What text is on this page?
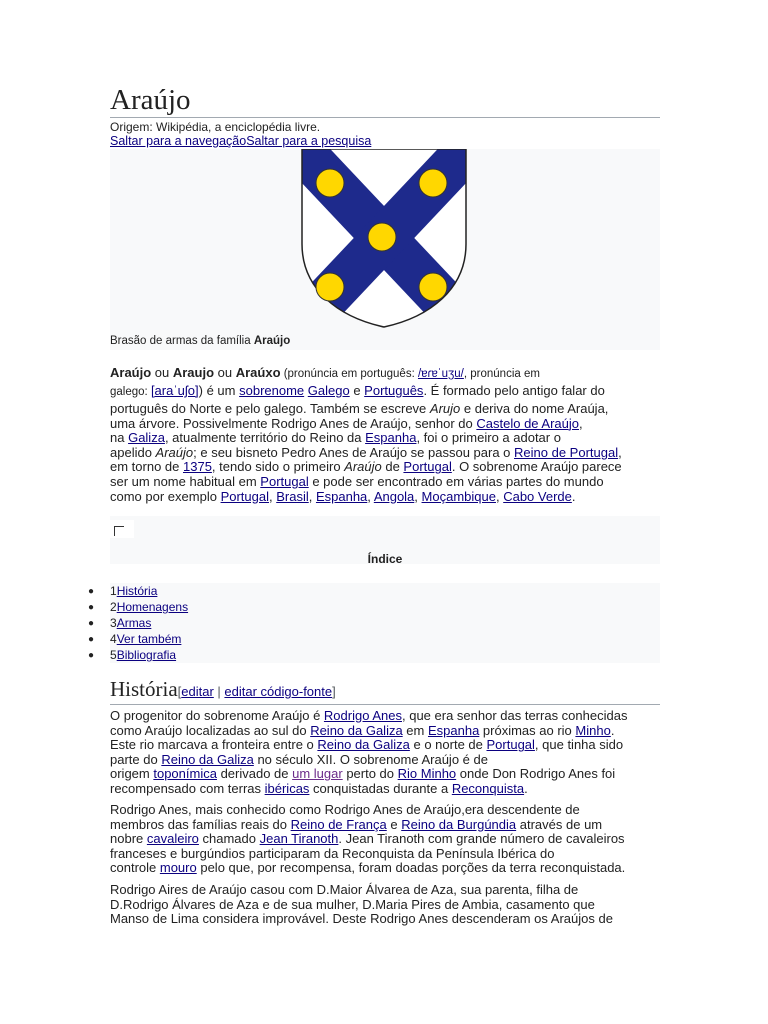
Araújo
Origem: Wikipédia, a enciclopédia livre.
Saltar para a navegaçãoSaltar para a pesquisa
Brasão de armas da família Araújo
Araújo ou Araujo ou Araúxo (pronúncia em português: /ɐɾɐˈuʒu/, pronúncia em
galego: [araˈuʃo]) é um sobrenome Galego e Português. É formado pelo antigo falar do
português do Norte e pelo galego. Também se escreve Arujo e deriva do nome Araúja,
uma árvore. Possivelmente Rodrigo Anes de Araújo, senhor do Castelo de Araújo,
na Galiza, atualmente território do Reino da Espanha, foi o primeiro a adotar o
apelido Araújo; e seu bisneto Pedro Anes de Araújo se passou para o Reino de Portugal,
em torno de 1375, tendo sido o primeiro Araújo de Portugal. O sobrenome Araújo parece
ser um nome habitual em Portugal e pode ser encontrado em várias partes do mundo
como por exemplo Portugal, Brasil, Espanha, Angola, Moçambique, Cabo Verde.
Índice
● 1História
● 2Homenagens
● 3Armas
● 4Ver também
● 5Bibliografia
História[editar | editar código-fonte]
O progenitor do sobrenome Araújo é Rodrigo Anes, que era senhor das terras conhecidas
como Araújo localizadas ao sul do Reino da Galiza em Espanha próximas ao rio Minho.
Este rio marcava a fronteira entre o Reino da Galiza e o norte de Portugal, que tinha sido
parte do Reino da Galiza no século XII. O sobrenome Araújo é de
origem toponímica derivado de um lugar perto do Rio Minho onde Don Rodrigo Anes foi
recompensado com terras ibéricas conquistadas durante a Reconquista.
Rodrigo Anes, mais conhecido como Rodrigo Anes de Araújo,era descendente de
membros das famílias reais do Reino de França e Reino da Burgúndia através de um
nobre cavaleiro chamado Jean Tiranoth. Jean Tiranoth com grande número de cavaleiros
franceses e burgúndios participaram da Reconquista da Península Ibérica do
controle mouro pelo que, por recompensa, foram doadas porções da terra reconquistada.
Rodrigo Aires de Araújo casou com D.Maior Álvarea de Aza, sua parenta, filha de
D.Rodrigo Álvares de Aza e de sua mulher, D.Maria Pires de Ambia, casamento que
Manso de Lima considera improvável. Deste Rodrigo Anes descenderam os Araújos de
